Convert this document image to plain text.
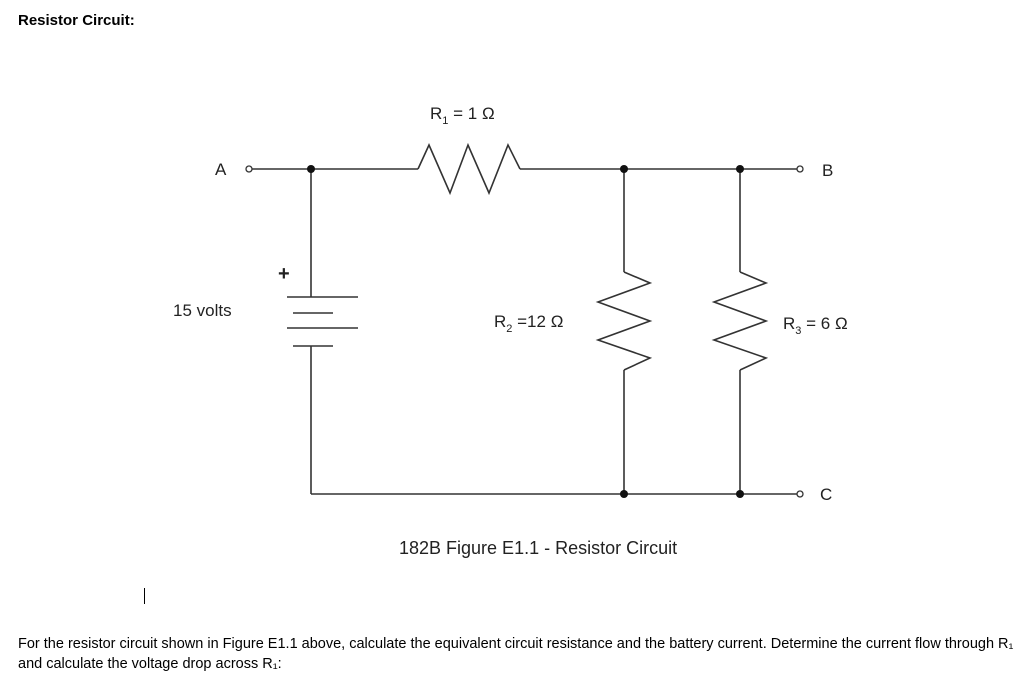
Resistor Circuit:
A	B
C
+
15 volts
$R_1 = 1$ Ω
$R_2 =12$ Ω	$R_3 = 6$ Ω
182B Figure E1.1 - Resistor Circuit
For the resistor circuit shown in Figure E1.1 above, calculate the equivalent circuit resistance and the battery current. Determine the current flow through R₁ and calculate the voltage drop across R₁:
